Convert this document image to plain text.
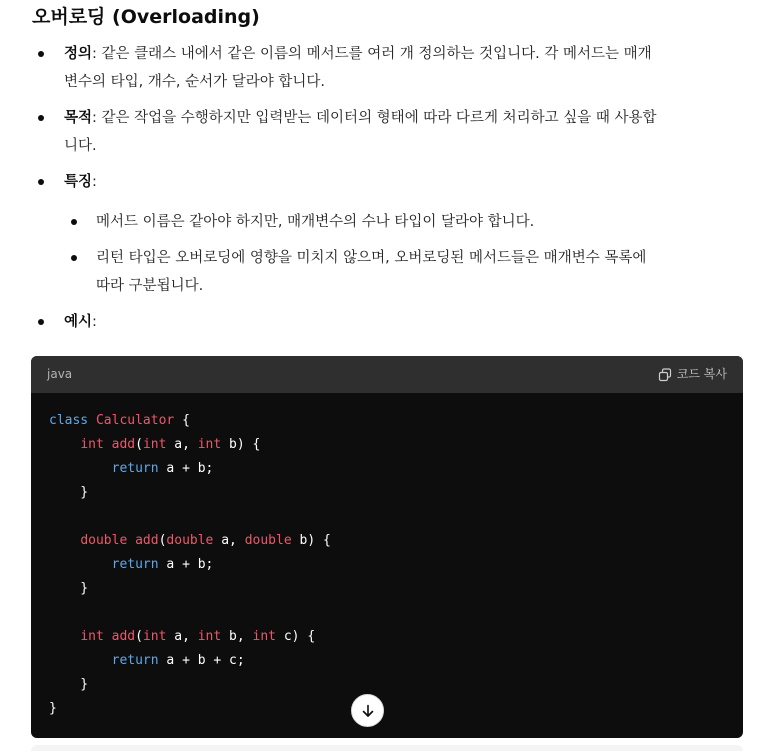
오버로딩 (Overloading)
정의: 같은 클래스 내에서 같은 이름의 메서드를 여러 개 정의하는 것입니다. 각 메서드는 매개
변수의 타입, 개수, 순서가 달라야 합니다.
목적: 같은 작업을 수행하지만 입력받는 데이터의 형태에 따라 다르게 처리하고 싶을 때 사용합
니다.
특징:
메서드 이름은 같아야 하지만, 매개변수의 수나 타입이 달라야 합니다.
리턴 타입은 오버로딩에 영향을 미치지 않으며, 오버로딩된 메서드들은 매개변수 목록에
따라 구분됩니다.
예시:
java	코드 복사
class Calculator {
int add(int a, int b) {
return a + b;
}

double add(double a, double b) {
return a + b;
}

int add(int a, int b, int c) {
return a + b + c;
}
}
